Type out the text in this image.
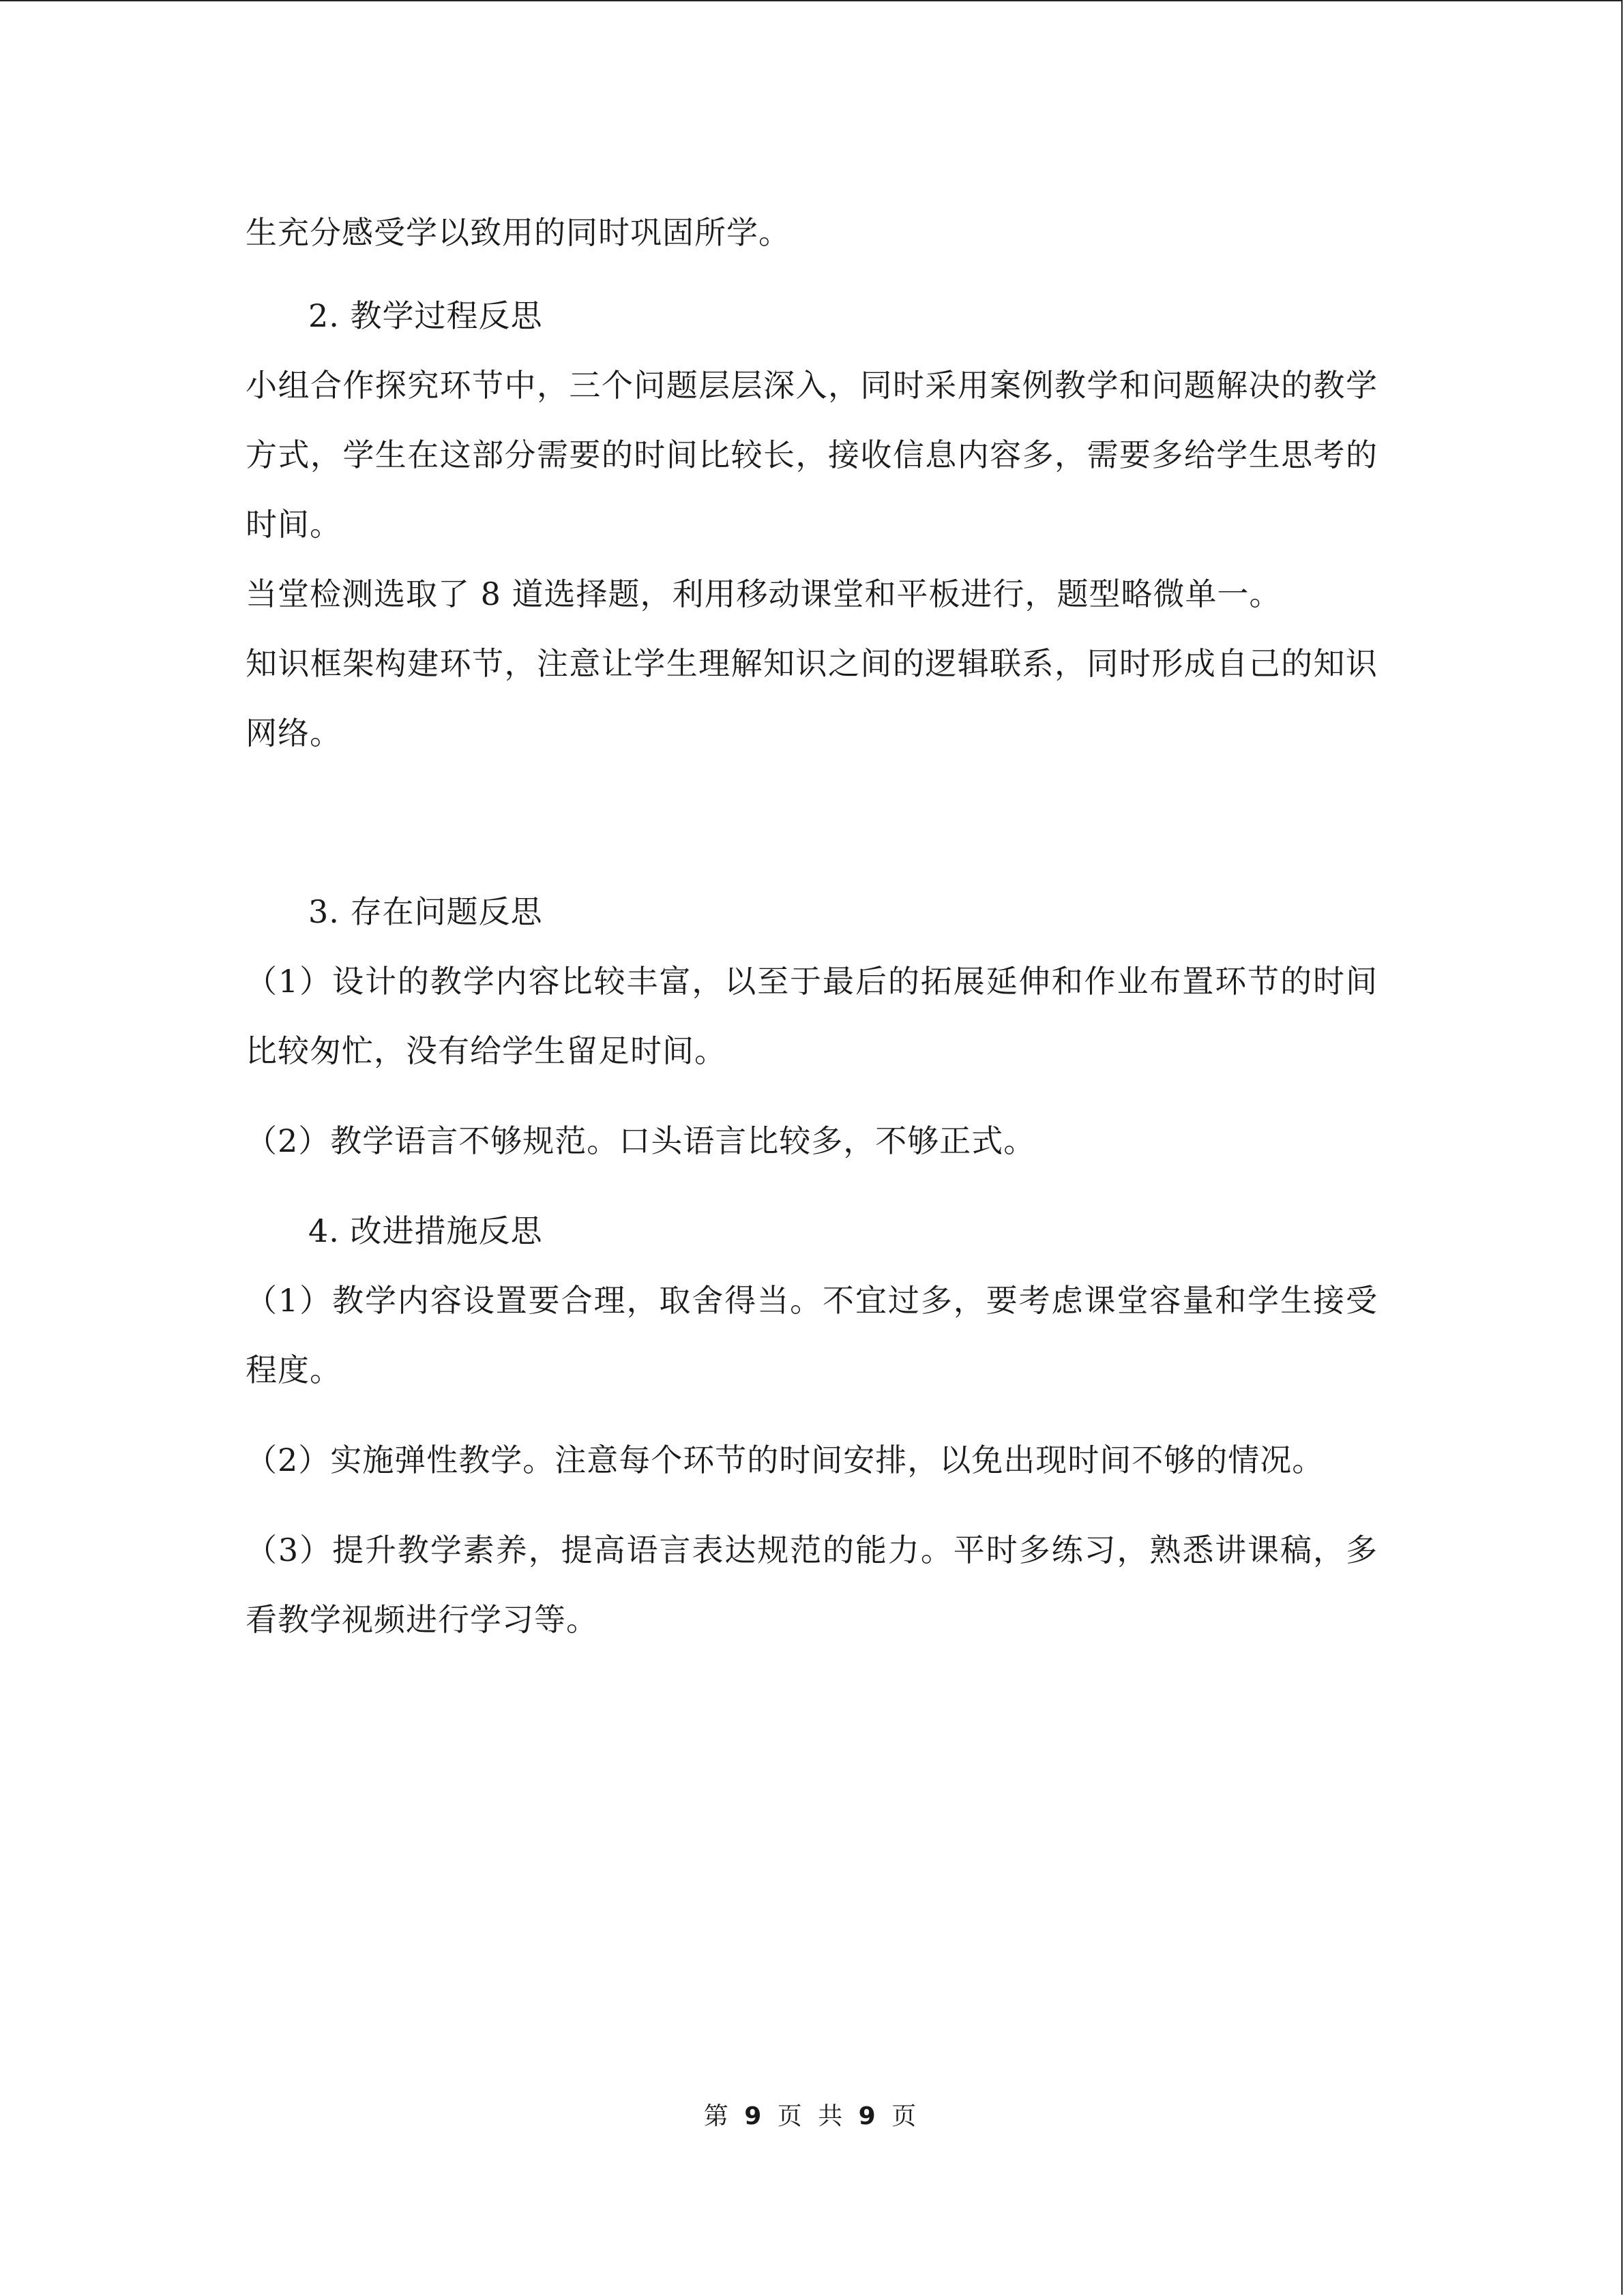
生充分感受学以致用的同时巩固所学。

2. 教学过程反思

小组合作探究环节中，三个问题层层深入，同时采用案例教学和问题解决的教学方式，学生在这部分需要的时间比较长，接收信息内容多，需要多给学生思考的时间。

当堂检测选取了 8 道选择题，利用移动课堂和平板进行，题型略微单一。

知识框架构建环节，注意让学生理解知识之间的逻辑联系，同时形成自己的知识网络。

3. 存在问题反思

（1）设计的教学内容比较丰富，以至于最后的拓展延伸和作业布置环节的时间比较匆忙，没有给学生留足时间。

（2）教学语言不够规范。口头语言比较多，不够正式。

4. 改进措施反思

（1）教学内容设置要合理，取舍得当。不宜过多，要考虑课堂容量和学生接受程度。

（2）实施弹性教学。注意每个环节的时间安排，以免出现时间不够的情况。

（3）提升教学素养，提高语言表达规范的能力。平时多练习，熟悉讲课稿，多看教学视频进行学习等。

第 9 页 共 9 页
